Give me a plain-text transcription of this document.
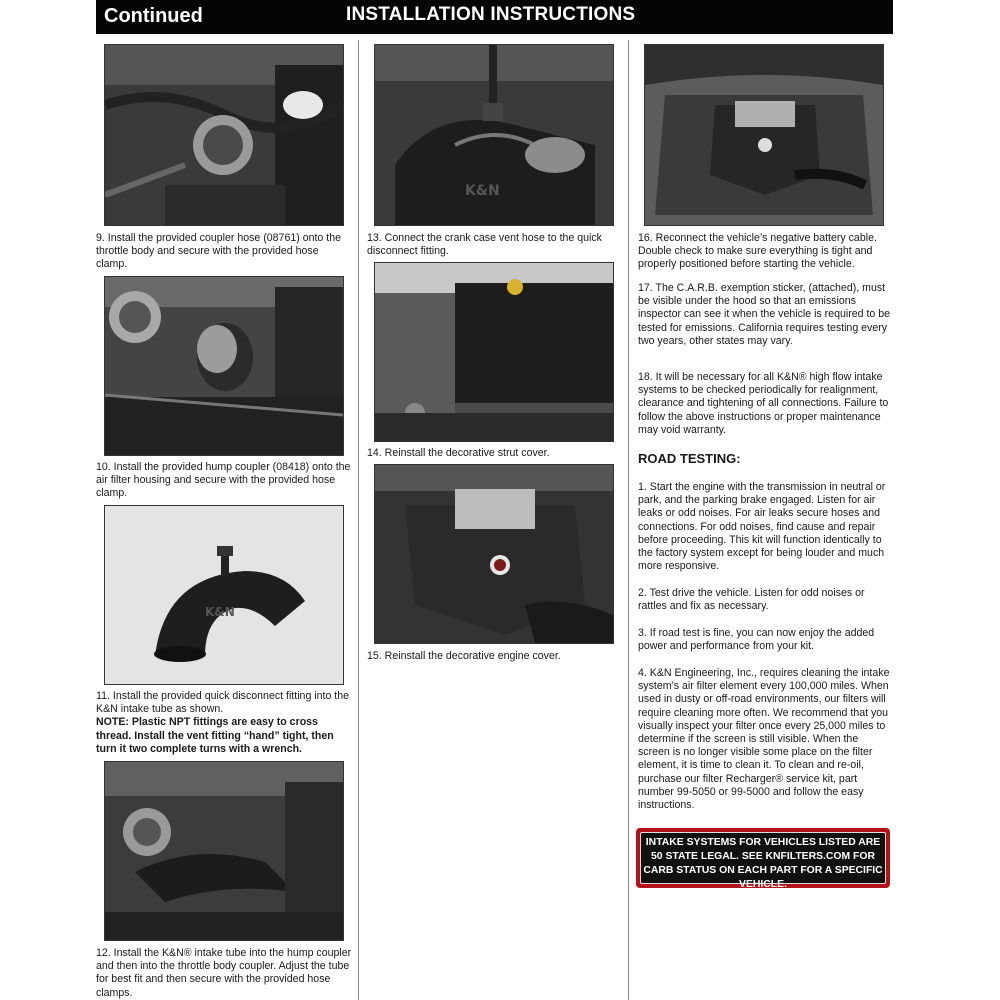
Continued	INSTALLATION INSTRUCTIONS
9. Install the provided coupler hose (08761) onto the throttle body and secure with the provided hose clamp.
10. Install the provided hump coupler (08418) onto the air filter housing and secure with the provided hose clamp.
K&N
11. Install the provided quick disconnect fitting into the K&N intake tube as shown.
NOTE: Plastic NPT fittings are easy to cross thread. Install the vent fitting “hand” tight, then turn it two complete turns with a wrench.
12. Install the K&N® intake tube into the hump coupler and then into the throttle body coupler. Adjust the tube for best fit and then secure with the provided hose clamps.
K&N
13. Connect the crank case vent hose to the quick disconnect fitting.
14. Reinstall the decorative strut cover.
15. Reinstall the decorative engine cover.
16. Reconnect the vehicle’s negative battery cable. Double check to make sure everything is tight and properly positioned before starting the vehicle.
17. The C.A.R.B. exemption sticker, (attached), must be visible under the hood so that an emissions inspector can see it when the vehicle is required to be tested for emissions. California requires testing every two years, other states may vary.
18. It will be necessary for all K&N® high flow intake systems to be checked periodically for realignment, clearance and tightening of all connections. Failure to follow the above instructions or proper maintenance may void warranty.
ROAD TESTING:
1. Start the engine with the transmission in neutral or park, and the parking brake engaged. Listen for air leaks or odd noises. For air leaks secure hoses and connections. For odd noises, find cause and repair before proceeding. This kit will function identically to the factory system except for being louder and much more responsive.
2. Test drive the vehicle. Listen for odd noises or rattles and fix as necessary.
3. If road test is fine, you can now enjoy the added power and performance from your kit.
4. K&N Engineering, Inc., requires cleaning the intake system’s air filter element every 100,000 miles. When used in dusty or off-road environments, our filters will require cleaning more often. We recommend that you visually inspect your filter once every 25,000 miles to determine if the screen is still visible. When the screen is no longer visible some place on the filter element, it is time to clean it. To clean and re-oil, purchase our filter Recharger® service kit, part number 99-5050 or 99-5000 and follow the easy instructions.
INTAKE SYSTEMS FOR VEHICLES LISTED ARE 50 STATE LEGAL. SEE KNFILTERS.COM FOR CARB STATUS ON EACH PART FOR A SPECIFIC VEHICLE.
